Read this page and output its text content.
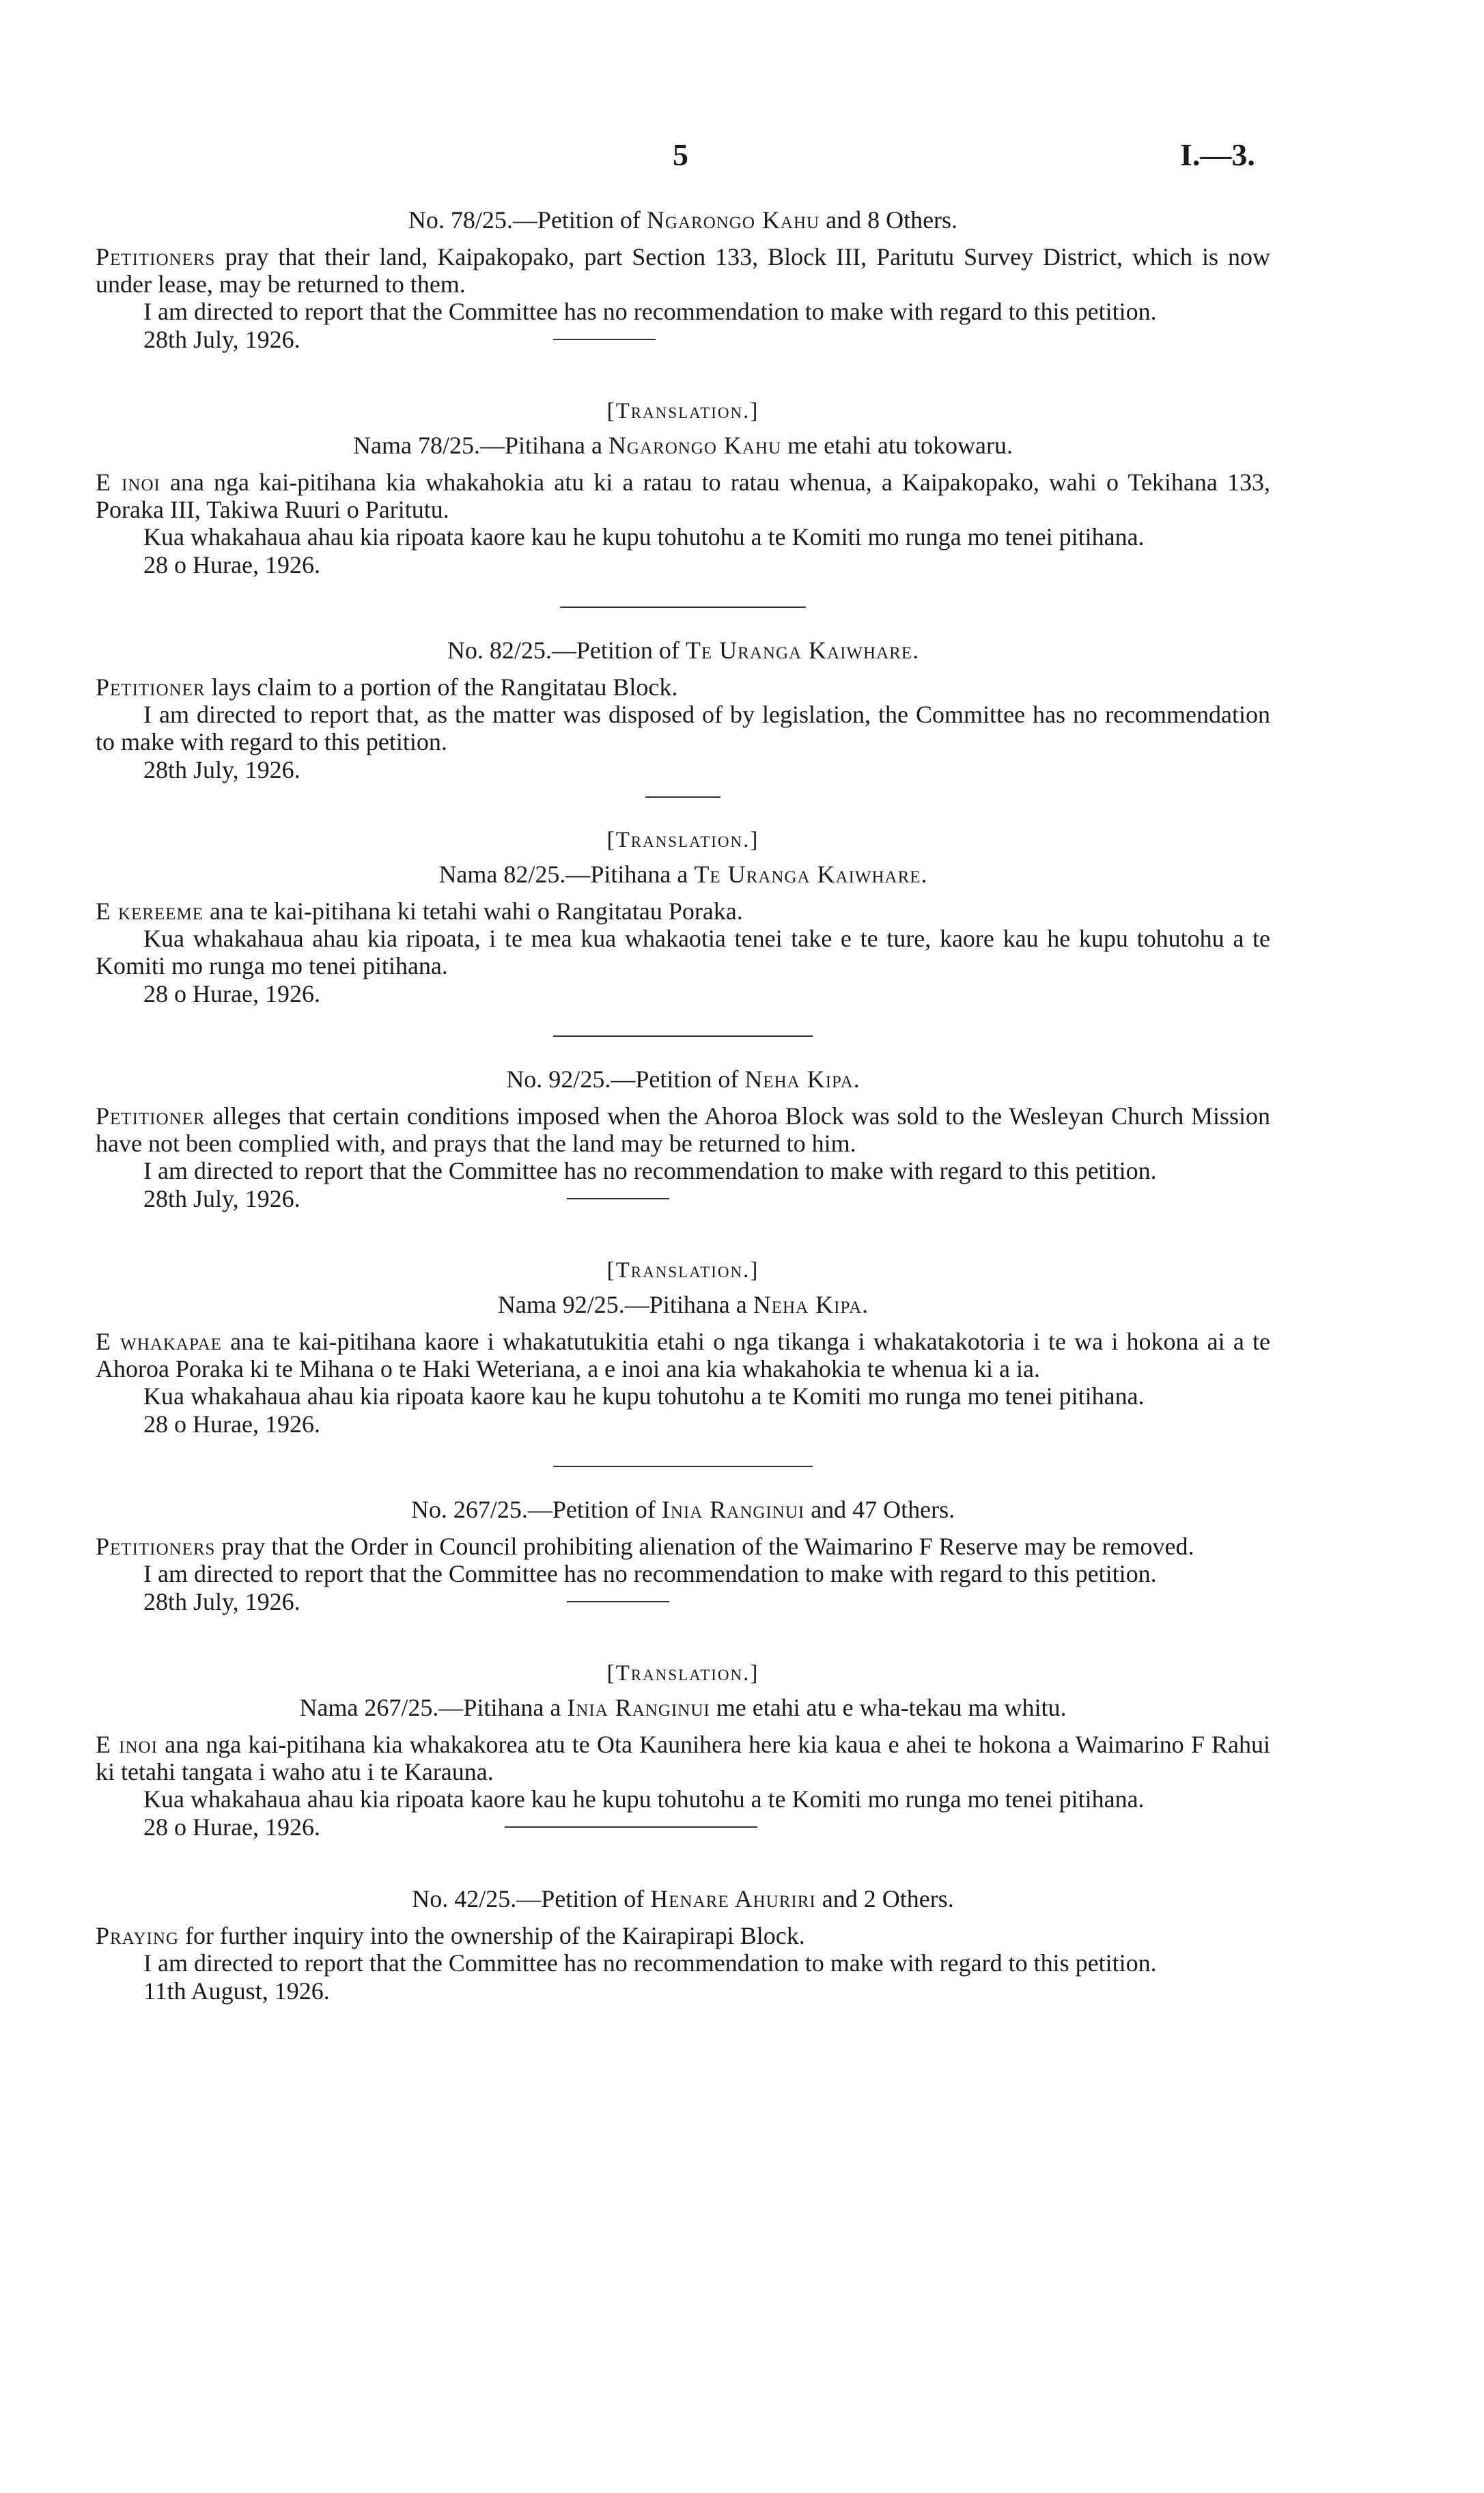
5	I.—3.
No. 78/25.—Petition of Ngarongo Kahu and 8 Others.

Petitioners pray that their land, Kaipakopako, part Section 133, Block III, Paritutu Survey District, which is now under lease, may be returned to them.

I am directed to report that the Committee has no recommendation to make with regard to this petition.

28th July, 1926.
[Translation.]
Nama 78/25.—Pitihana a Ngarongo Kahu me etahi atu tokowaru.

E inoi ana nga kai-pitihana kia whakahokia atu ki a ratau to ratau whenua, a Kaipakopako, wahi o Tekihana 133, Poraka III, Takiwa Ruuri o Paritutu.

Kua whakahaua ahau kia ripoata kaore kau he kupu tohutohu a te Komiti mo runga mo tenei pitihana.

28 o Hurae, 1926.
No. 82/25.—Petition of Te Uranga Kaiwhare.

Petitioner lays claim to a portion of the Rangitatau Block.

I am directed to report that, as the matter was disposed of by legislation, the Committee has no recommendation to make with regard to this petition.

28th July, 1926.
[Translation.]
Nama 82/25.—Pitihana a Te Uranga Kaiwhare.

E kereeme ana te kai-pitihana ki tetahi wahi o Rangitatau Poraka.

Kua whakahaua ahau kia ripoata, i te mea kua whakaotia tenei take e te ture, kaore kau he kupu tohutohu a te Komiti mo runga mo tenei pitihana.

28 o Hurae, 1926.
No. 92/25.—Petition of Neha Kipa.

Petitioner alleges that certain conditions imposed when the Ahoroa Block was sold to the Wesleyan Church Mission have not been complied with, and prays that the land may be returned to him.

I am directed to report that the Committee has no recommendation to make with regard to this petition.

28th July, 1926.
[Translation.]
Nama 92/25.—Pitihana a Neha Kipa.

E whakapae ana te kai-pitihana kaore i whakatutukitia etahi o nga tikanga i whakatakotoria i te wa i hokona ai a te Ahoroa Poraka ki te Mihana o te Haki Weteriana, a e inoi ana kia whakahokia te whenua ki a ia.

Kua whakahaua ahau kia ripoata kaore kau he kupu tohutohu a te Komiti mo runga mo tenei pitihana.

28 o Hurae, 1926.
No. 267/25.—Petition of Inia Ranginui and 47 Others.

Petitioners pray that the Order in Council prohibiting alienation of the Waimarino F Reserve may be removed.

I am directed to report that the Committee has no recommendation to make with regard to this petition.

28th July, 1926.
[Translation.]
Nama 267/25.—Pitihana a Inia Ranginui me etahi atu e wha-tekau ma whitu.

E inoi ana nga kai-pitihana kia whakakorea atu te Ota Kaunihera here kia kaua e ahei te hokona a Waimarino F Rahui ki tetahi tangata i waho atu i te Karauna.

Kua whakahaua ahau kia ripoata kaore kau he kupu tohutohu a te Komiti mo runga mo tenei pitihana.

28 o Hurae, 1926.
No. 42/25.—Petition of Henare Ahuriri and 2 Others.

Praying for further inquiry into the ownership of the Kairapirapi Block.

I am directed to report that the Committee has no recommendation to make with regard to this petition.

11th August, 1926.
